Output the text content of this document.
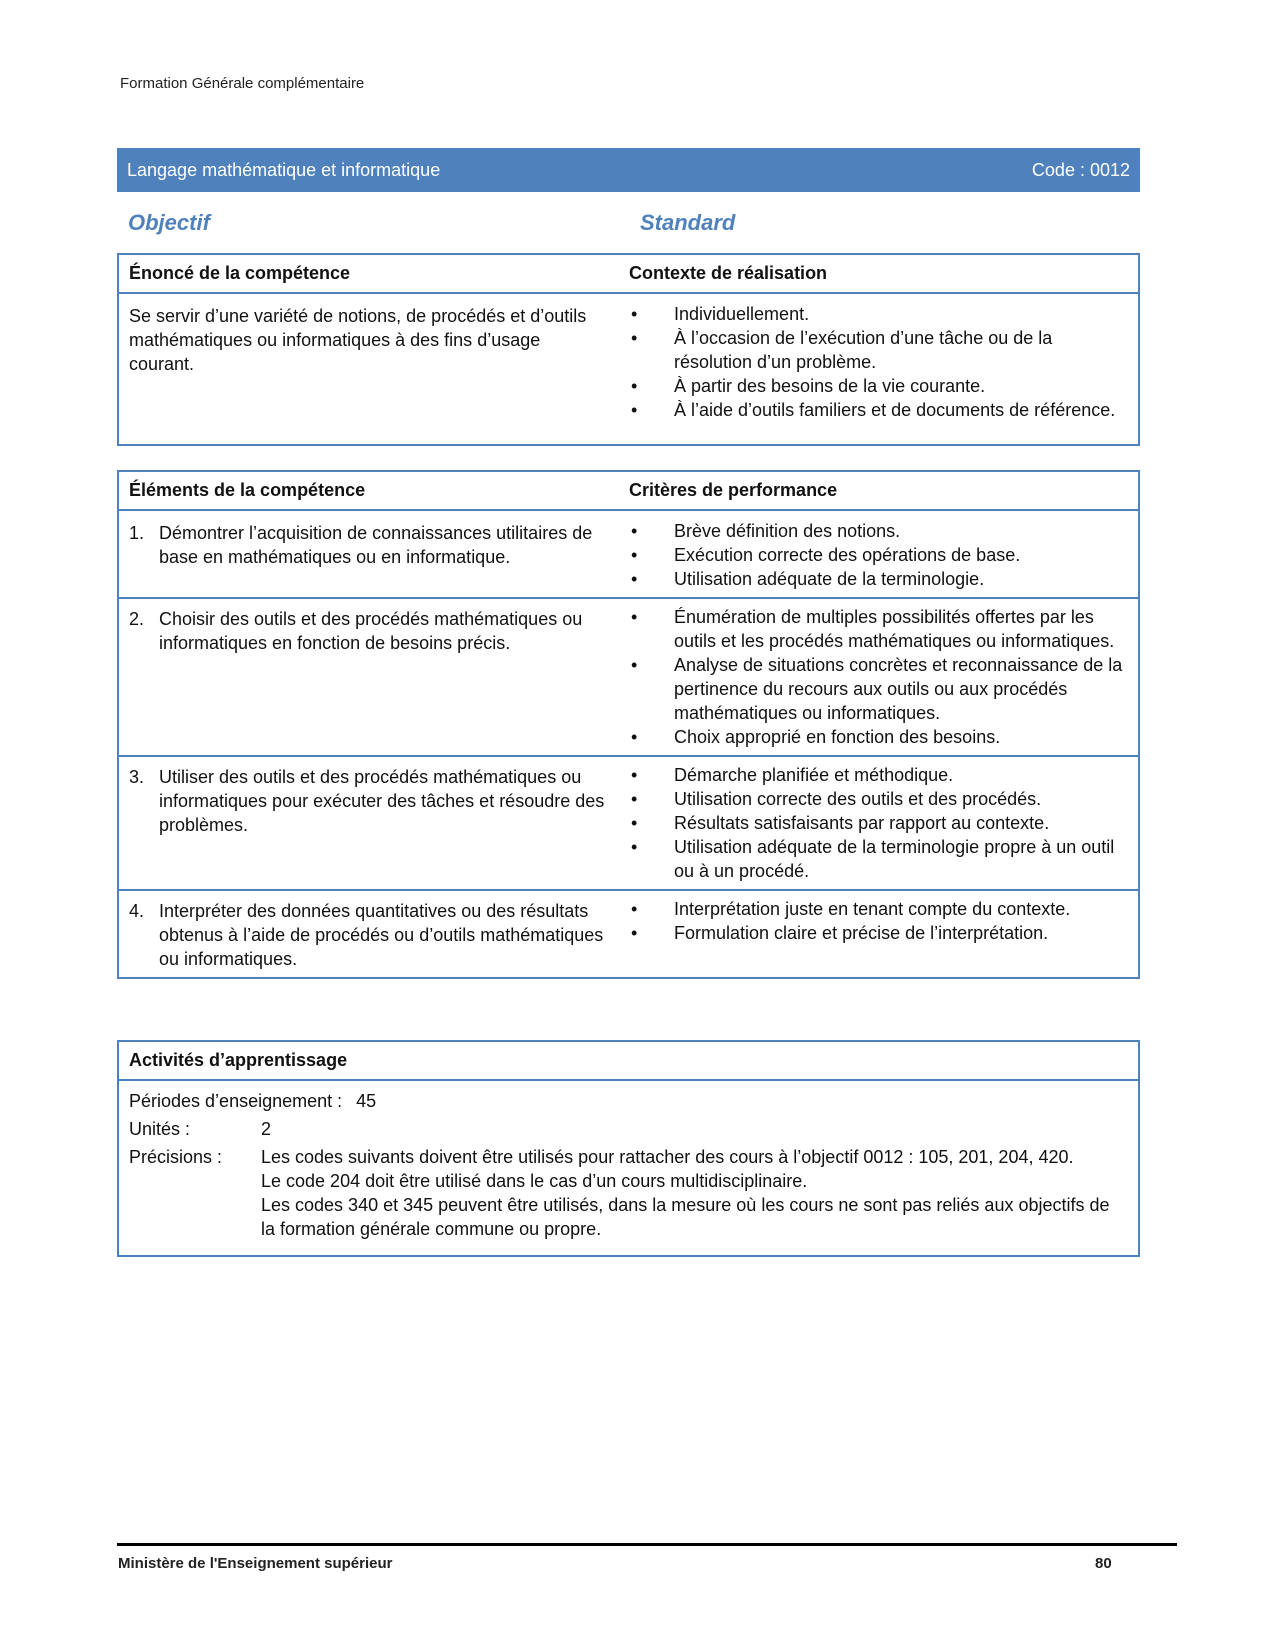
Formation Générale complémentaire
Langage mathématique et informatique	Code : 0012
Objectif	Standard
Énoncé de la compétence	Contexte de réalisation
Se servir d’une variété de notions, de procédés et d’outils mathématiques ou informatiques à des fins d’usage courant.
•	Individuellement.
•	À l’occasion de l’exécution d’une tâche ou de la résolution d’un problème.
•	À partir des besoins de la vie courante.
•	À l’aide d’outils familiers et de documents de référence.
Éléments de la compétence	Critères de performance
1. Démontrer l’acquisition de connaissances utilitaires de base en mathématiques ou en informatique.
•	Brève définition des notions.
•	Exécution correcte des opérations de base.
•	Utilisation adéquate de la terminologie.
2. Choisir des outils et des procédés mathématiques ou informatiques en fonction de besoins précis.
•	Énumération de multiples possibilités offertes par les outils et les procédés mathématiques ou informatiques.
•	Analyse de situations concrètes et reconnaissance de la pertinence du recours aux outils ou aux procédés mathématiques ou informatiques.
•	Choix approprié en fonction des besoins.
3. Utiliser des outils et des procédés mathématiques ou informatiques pour exécuter des tâches et résoudre des problèmes.
•	Démarche planifiée et méthodique.
•	Utilisation correcte des outils et des procédés.
•	Résultats satisfaisants par rapport au contexte.
•	Utilisation adéquate de la terminologie propre à un outil ou à un procédé.
4. Interpréter des données quantitatives ou des résultats obtenus à l’aide de procédés ou d’outils mathématiques ou informatiques.
•	Interprétation juste en tenant compte du contexte.
•	Formulation claire et précise de l’interprétation.
Activités d’apprentissage
Périodes d’enseignement : 45
Unités :	2
Précisions :	Les codes suivants doivent être utilisés pour rattacher des cours à l’objectif 0012 : 105, 201, 204, 420.
Le code 204 doit être utilisé dans le cas d’un cours multidisciplinaire.
Les codes 340 et 345 peuvent être utilisés, dans la mesure où les cours ne sont pas reliés aux objectifs de la formation générale commune ou propre.
Ministère de l'Enseignement supérieur	80
